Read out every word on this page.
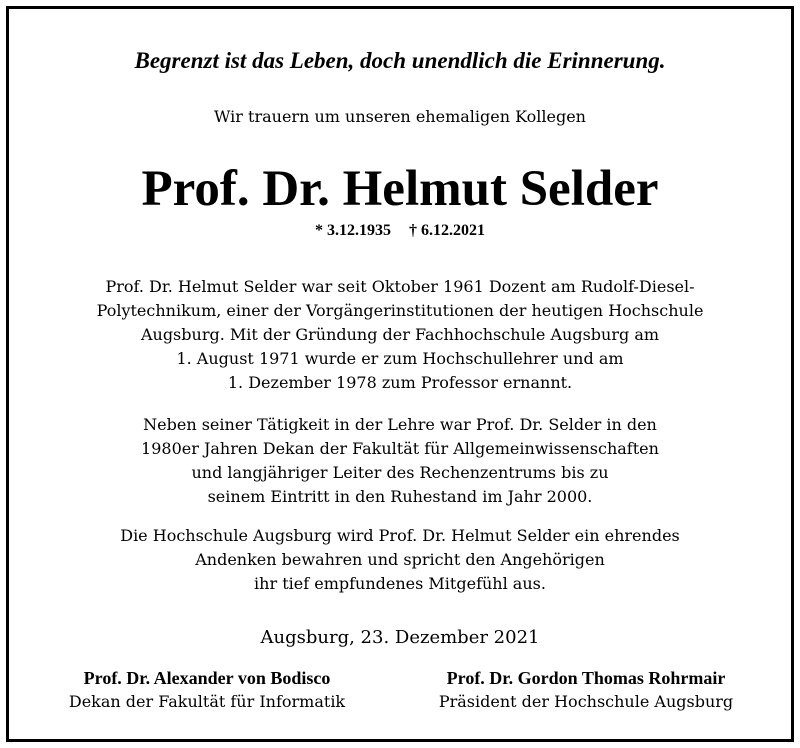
Begrenzt ist das Leben, doch unendlich die Erinnerung.
Wir trauern um unseren ehemaligen Kollegen
Prof. Dr. Helmut Selder
* 3.12.1935 † 6.12.2021
Prof. Dr. Helmut Selder war seit Oktober 1961 Dozent am Rudolf-Diesel-
Polytechnikum, einer der Vorgängerinstitutionen der heutigen Hochschule
Augsburg. Mit der Gründung der Fachhochschule Augsburg am
1. August 1971 wurde er zum Hochschullehrer und am
1. Dezember 1978 zum Professor ernannt.
Neben seiner Tätigkeit in der Lehre war Prof. Dr. Selder in den
1980er Jahren Dekan der Fakultät für Allgemeinwissenschaften
und langjähriger Leiter des Rechenzentrums bis zu
seinem Eintritt in den Ruhestand im Jahr 2000.
Die Hochschule Augsburg wird Prof. Dr. Helmut Selder ein ehrendes
Andenken bewahren und spricht den Angehörigen
ihr tief empfundenes Mitgefühl aus.
Augsburg, 23. Dezember 2021
Prof. Dr. Alexander von Bodisco
Dekan der Fakultät für Informatik
Prof. Dr. Gordon Thomas Rohrmair
Präsident der Hochschule Augsburg
